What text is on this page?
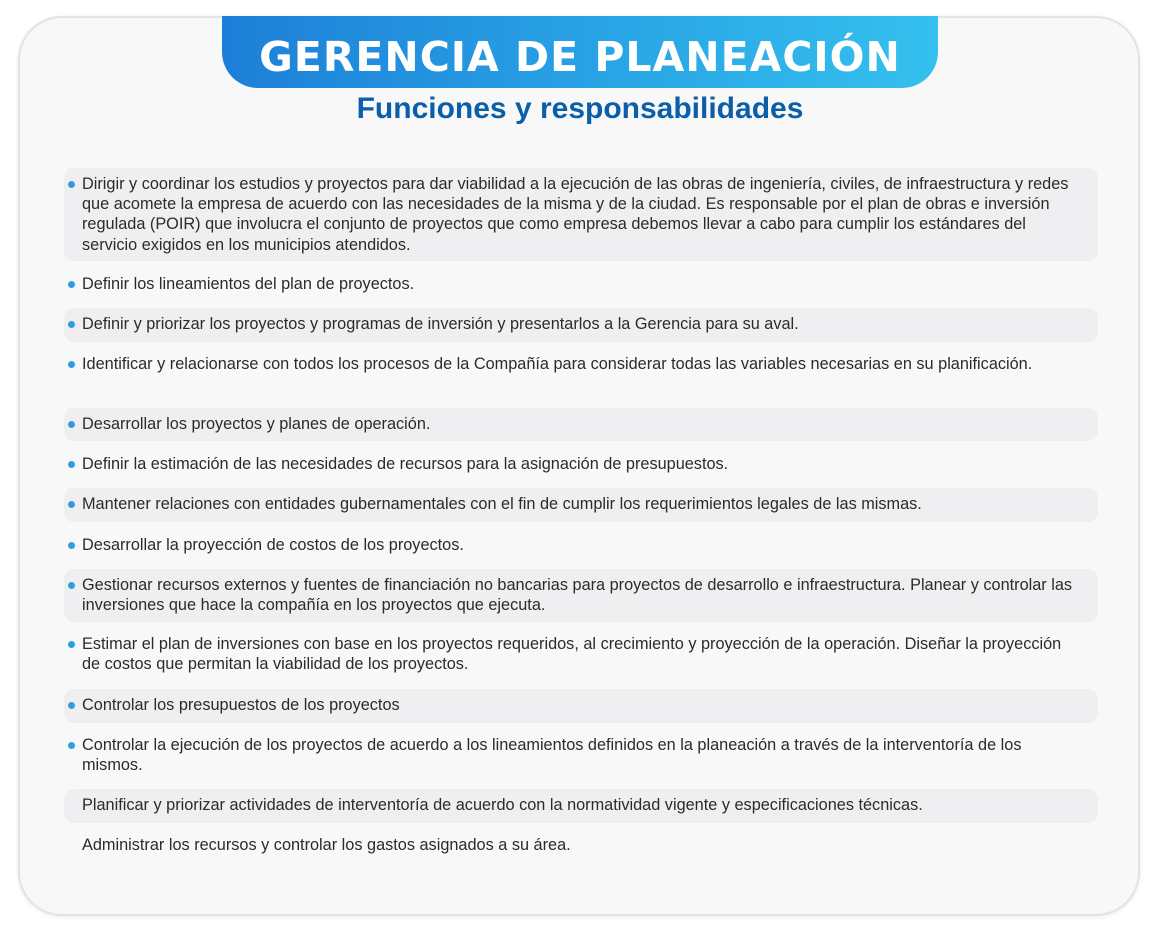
GERENCIA DE PLANEACIÓN
Funciones y responsabilidades
Dirigir y coordinar los estudios y proyectos para dar viabilidad a la ejecución de las obras de ingeniería, civiles, de infraestructura y redes que acomete la empresa de acuerdo con las necesidades de la misma y de la ciudad. Es responsable por el plan de obras e inversión regulada (POIR) que involucra el conjunto de proyectos que como empresa debemos llevar a cabo para cumplir los estándares del servicio exigidos en los municipios atendidos.
Definir los lineamientos del plan de proyectos.
Definir y priorizar los proyectos y programas de inversión y presentarlos a la Gerencia para su aval.
Identificar y relacionarse con todos los procesos de la Compañía para considerar todas las variables necesarias en su planificación.
Desarrollar los proyectos y planes de operación.
Definir la estimación de las necesidades de recursos para la asignación de presupuestos.
Mantener relaciones con entidades gubernamentales con el fin de cumplir los requerimientos legales de las mismas.
Desarrollar la proyección de costos de los proyectos.
Gestionar recursos externos y fuentes de financiación no bancarias para proyectos de desarrollo e infraestructura. Planear y controlar las inversiones que hace la compañía en los proyectos que ejecuta.
Estimar el plan de inversiones con base en los proyectos requeridos, al crecimiento y proyección de la operación. Diseñar la proyección de costos que permitan la viabilidad de los proyectos.
Controlar los presupuestos de los proyectos
Controlar la ejecución de los proyectos de acuerdo a los lineamientos definidos en la planeación a través de la interventoría de los mismos.
Planificar y priorizar actividades de interventoría de acuerdo con la normatividad vigente y especificaciones técnicas.
Administrar los recursos y controlar los gastos asignados a su área.
